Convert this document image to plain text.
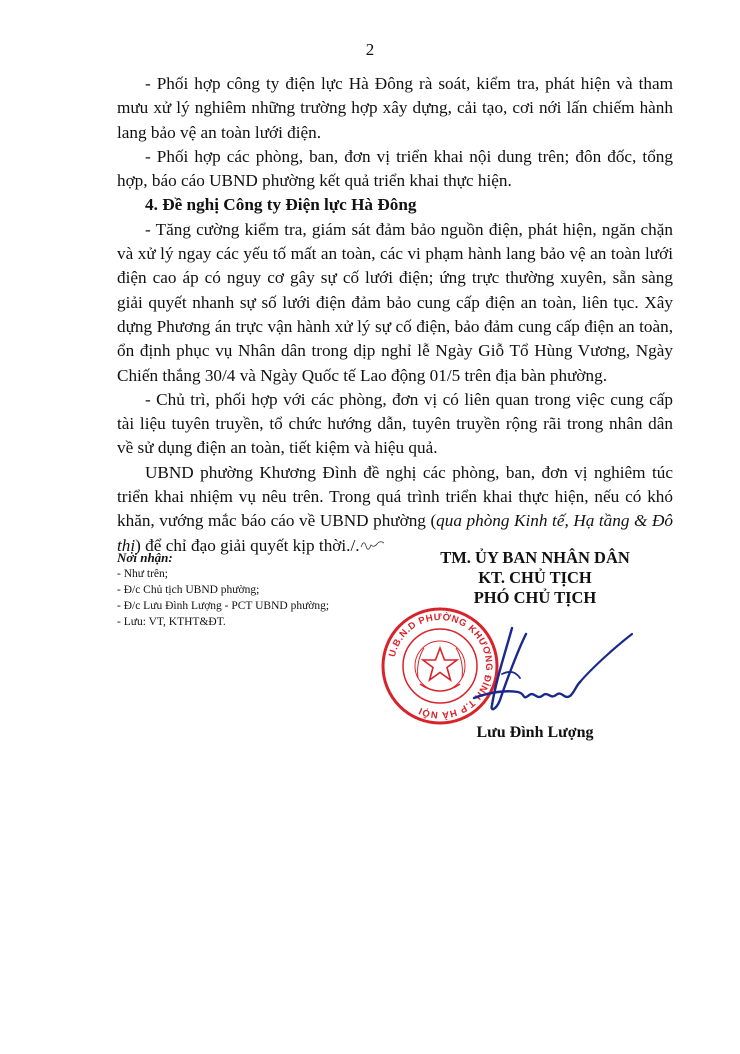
2

- Phối hợp công ty điện lực Hà Đông rà soát, kiểm tra, phát hiện và tham mưu xử lý nghiêm những trường hợp xây dựng, cải tạo, cơi nới lấn chiếm hành lang bảo vệ an toàn lưới điện.

- Phối hợp các phòng, ban, đơn vị triển khai nội dung trên; đôn đốc, tổng hợp, báo cáo UBND phường kết quả triển khai thực hiện.

4. Đề nghị Công ty Điện lực Hà Đông

- Tăng cường kiểm tra, giám sát đảm bảo nguồn điện, phát hiện, ngăn chặn và xử lý ngay các yếu tố mất an toàn, các vi phạm hành lang bảo vệ an toàn lưới điện cao áp có nguy cơ gây sự cố lưới điện; ứng trực thường xuyên, sẵn sàng giải quyết nhanh sự số lưới điện đảm bảo cung cấp điện an toàn, liên tục. Xây dựng Phương án trực vận hành xử lý sự cố điện, bảo đảm cung cấp điện an toàn, ổn định phục vụ Nhân dân trong dịp nghỉ lễ Ngày Giỗ Tổ Hùng Vương, Ngày Chiến thắng 30/4 và Ngày Quốc tế Lao động 01/5 trên địa bàn phường.

- Chủ trì, phối hợp với các phòng, đơn vị có liên quan trong việc cung cấp tài liệu tuyên truyền, tổ chức hướng dẫn, tuyên truyền rộng rãi trong nhân dân về sử dụng điện an toàn, tiết kiệm và hiệu quả.

UBND phường Khương Đình đề nghị các phòng, ban, đơn vị nghiêm túc triển khai nhiệm vụ nêu trên. Trong quá trình triển khai thực hiện, nếu có khó khăn, vướng mắc báo cáo về UBND phường (qua phòng Kinh tế, Hạ tầng & Đô thị) để chỉ đạo giải quyết kịp thời./.

Nơi nhận:
- Như trên;
- Đ/c Chủ tịch UBND phường;
- Đ/c Lưu Đình Lượng - PCT UBND phường;
- Lưu: VT, KTHT&ĐT.
TM. ỦY BAN NHÂN DÂN
KT. CHỦ TỊCH
PHÓ CHỦ TỊCH
U.B.N.D PHƯỜNG KHƯƠNG ĐÌNH T.P HÀ NỘI
Lưu Đình Lượng
